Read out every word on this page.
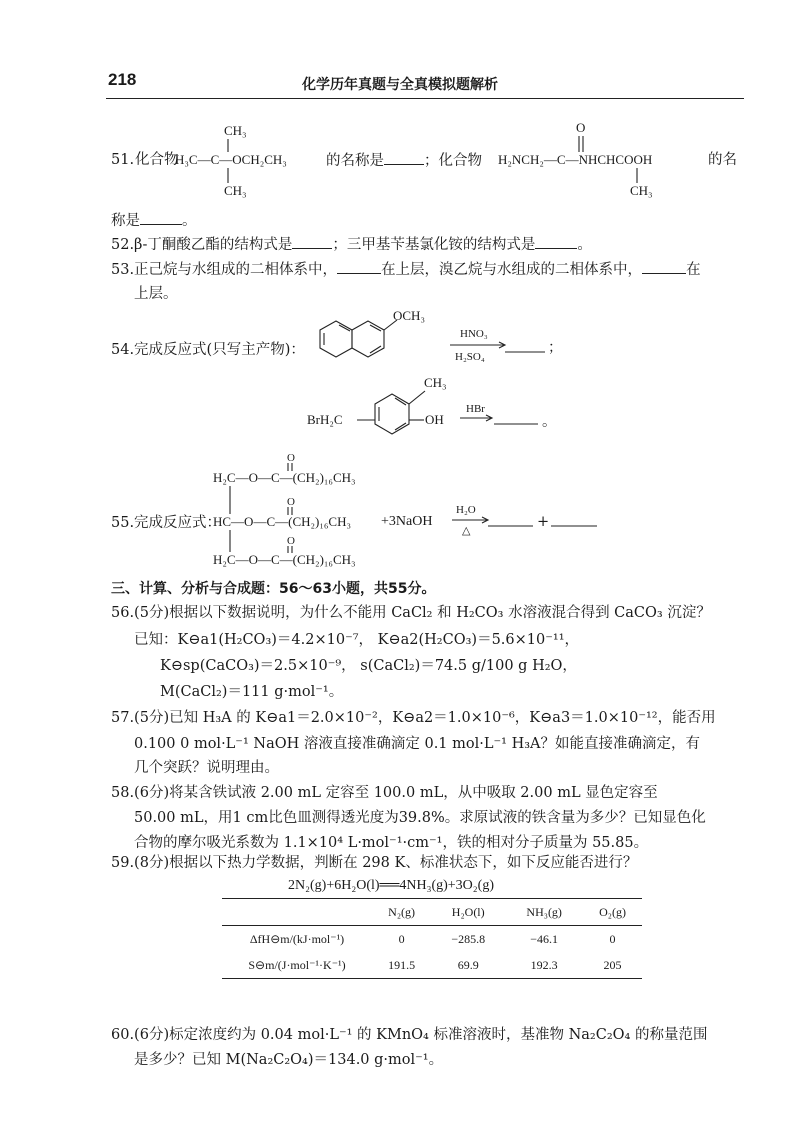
218	化学历年真题与全真模拟题解析
51. 化合物
CH₃
H₃C—C—OCH₂CH₃
CH₃
的名称是	；化合物
O
H₂NCH₂—C—NHCHCOOH
CH₃
的名
称是	。
52.β-丁酮酸乙酯的结构式是	；三甲基苄基氯化铵的结构式是	。
53.正己烷与水组成的二相体系中，	在上层，溴乙烷与水组成的二相体系中，	在
上层。
54.完成反应式(只写主产物)：
OCH₃
HNO₃
H₂SO₄
；
CH₃
BrH₂C	OH
HBr
。
55.完成反应式：
H₂C—O—C—(CH₂)₁₆CH₃
HC—O—C—(CH₂)₁₆CH₃
H₂C—O—C—(CH₂)₁₆CH₃
O
O
O
+3NaOH
H₂O
△
+
三、计算、分析与合成题：56～63小题，共55分。
56.(5分)根据以下数据说明，为什么不能用 CaCl₂ 和 H₂CO₃ 水溶液混合得到 CaCO₃ 沉淀？
已知：K⊖a1(H₂CO₃)＝4.2×10⁻⁷， K⊖a2(H₂CO₃)＝5.6×10⁻¹¹，
K⊖sp(CaCO₃)＝2.5×10⁻⁹， s(CaCl₂)＝74.5 g/100 g H₂O，
M(CaCl₂)＝111 g·mol⁻¹。
57.(5分)已知 H₃A 的 K⊖a1＝2.0×10⁻²，K⊖a2＝1.0×10⁻⁶，K⊖a3＝1.0×10⁻¹²，能否用
0.100 0 mol·L⁻¹ NaOH 溶液直接准确滴定 0.1 mol·L⁻¹ H₃A？如能直接准确滴定，有
几个突跃？说明理由。
58.(6分)将某含铁试液 2.00 mL 定容至 100.0 mL，从中吸取 2.00 mL 显色定容至
50.00 mL，用1 cm比色皿测得透光度为39.8%。求原试液的铁含量为多少？已知显色化
合物的摩尔吸光系数为 1.1×10⁴ L·mol⁻¹·cm⁻¹，铁的相对分子质量为 55.85。
59.(8分)根据以下热力学数据，判断在 298 K、标准状态下，如下反应能否进行？
2N₂(g)+6H₂O(l)══4NH₃(g)+3O₂(g)
	N₂(g)	H₂O(l)	NH₃(g)	O₂(g)
ΔfH⊖m/(kJ·mol⁻¹)	0	−285.8	−46.1	0
S⊖m/(J·mol⁻¹·K⁻¹)	191.5	69.9	192.3	205
60.(6分)标定浓度约为 0.04 mol·L⁻¹ 的 KMnO₄ 标准溶液时，基准物 Na₂C₂O₄ 的称量范围
是多少？已知 M(Na₂C₂O₄)＝134.0 g·mol⁻¹。
